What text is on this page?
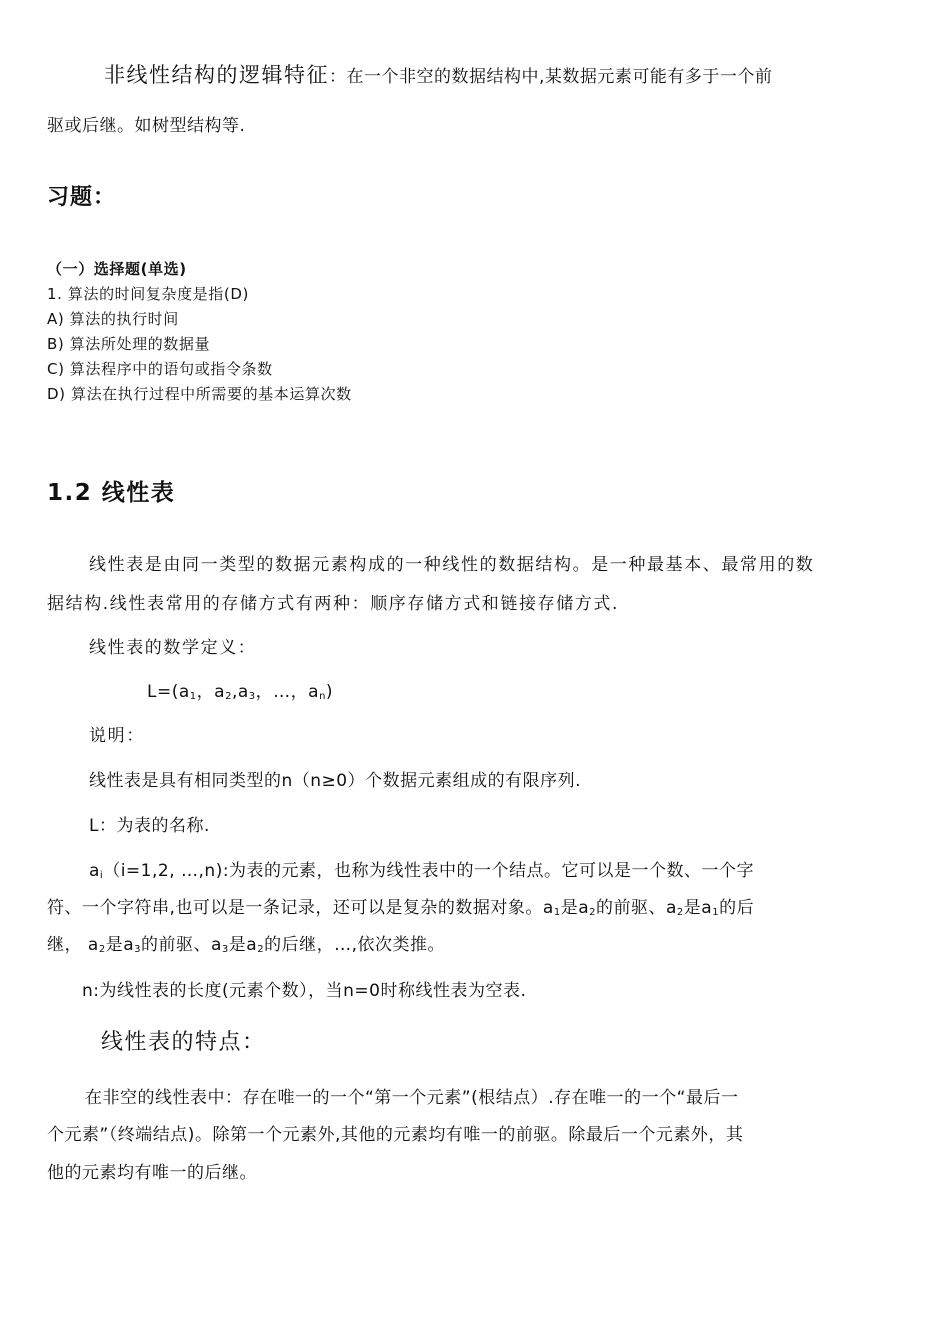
非线性结构的逻辑特征：在一个非空的数据结构中,某数据元素可能有多于一个前
驱或后继。如树型结构等.
习题：
（一）选择题(单选)
1. 算法的时间复杂度是指(D)
A) 算法的执行时间
B) 算法所处理的数据量
C) 算法程序中的语句或指令条数
D) 算法在执行过程中所需要的基本运算次数
1.2 线性表
线性表是由同一类型的数据元素构成的一种线性的数据结构。是一种最基本、最常用的数
据结构.线性表常用的存储方式有两种：顺序存储方式和链接存储方式.
线性表的数学定义：
$L=(a_1$，$a_2,a_3$，…，$a_n$)
说明：
线性表是具有相同类型的n（n≥0）个数据元素组成的有限序列.
L：为表的名称.
$a_i(i=1,2$, …,n):为表的元素，也称为线性表中的一个结点。它可以是一个数、一个字
符、一个字符串,也可以是一条记录，还可以是复杂的数据对象。$a_1$是$a_2$的前驱、$a_2$是$a_1$的后
继， $a_2$是$a_3$的前驱、$a_3$是$a_2$的后继，…,依次类推。
n:为线性表的长度(元素个数），当n=0时称线性表为空表.
线性表的特点：
在非空的线性表中：存在唯一的一个“第一个元素”(根结点）.存在唯一的一个“最后一
个元素”（终端结点)。除第一个元素外,其他的元素均有唯一的前驱。除最后一个元素外，其
他的元素均有唯一的后继。
